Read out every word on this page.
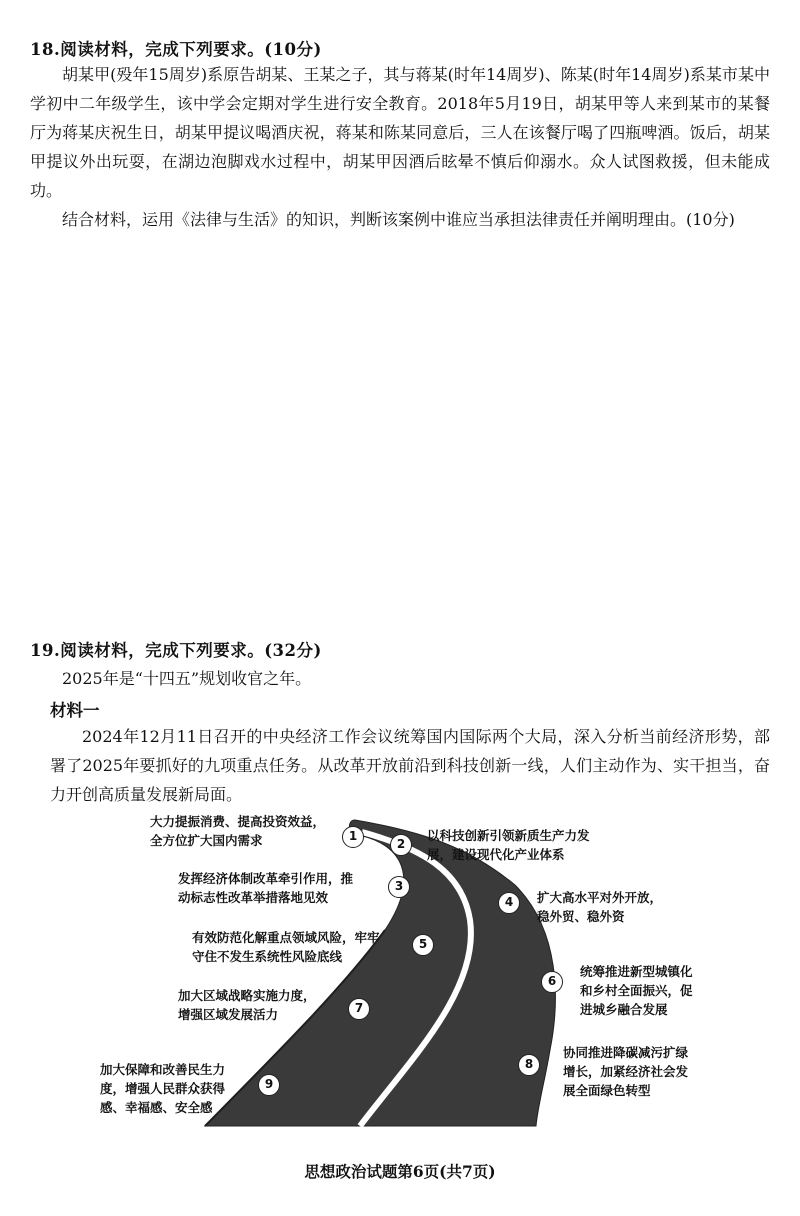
18.阅读材料，完成下列要求。(10分)

胡某甲(殁年15周岁)系原告胡某、王某之子，其与蒋某(时年14周岁)、陈某(时年14周岁)系某市某中学初中二年级学生，该中学会定期对学生进行安全教育。2018年5月19日，胡某甲等人来到某市的某餐厅为蒋某庆祝生日，胡某甲提议喝酒庆祝，蒋某和陈某同意后，三人在该餐厅喝了四瓶啤酒。饭后，胡某甲提议外出玩耍，在湖边泡脚戏水过程中，胡某甲因酒后眩晕不慎后仰溺水。众人试图救援，但未能成功。

结合材料，运用《法律与生活》的知识，判断该案例中谁应当承担法律责任并阐明理由。(10分)

19.阅读材料，完成下列要求。(32分)

2025年是“十四五”规划收官之年。

材料一

2024年12月11日召开的中央经济工作会议统筹国内国际两个大局，深入分析当前经济形势，部署了2025年要抓好的九项重点任务。从改革开放前沿到科技创新一线，人们主动作为、实干担当，奋力开创高质量发展新局面。

大力提振消费、提高投资效益，
全方位扩大国内需求	1	以科技创新引领新质生产力发
展，建设现代化产业体系
2
发挥经济体制改革牵引作用，推
动标志性改革举措落地见效
3
扩大高水平对外开放，
稳外贸、稳外资
4
有效防范化解重点领域风险，牢牢
守住不发生系统性风险底线
5
统筹推进新型城镇化
和乡村全面振兴，促
进城乡融合发展
6
加大区域战略实施力度，
增强区域发展活力	7
协同推进降碳减污扩绿
增长，加紧经济社会发
展全面绿色转型
8
加大保障和改善民生力
度，增强人民群众获得
感、幸福感、安全感
9
思想政治试题第6页(共7页)
